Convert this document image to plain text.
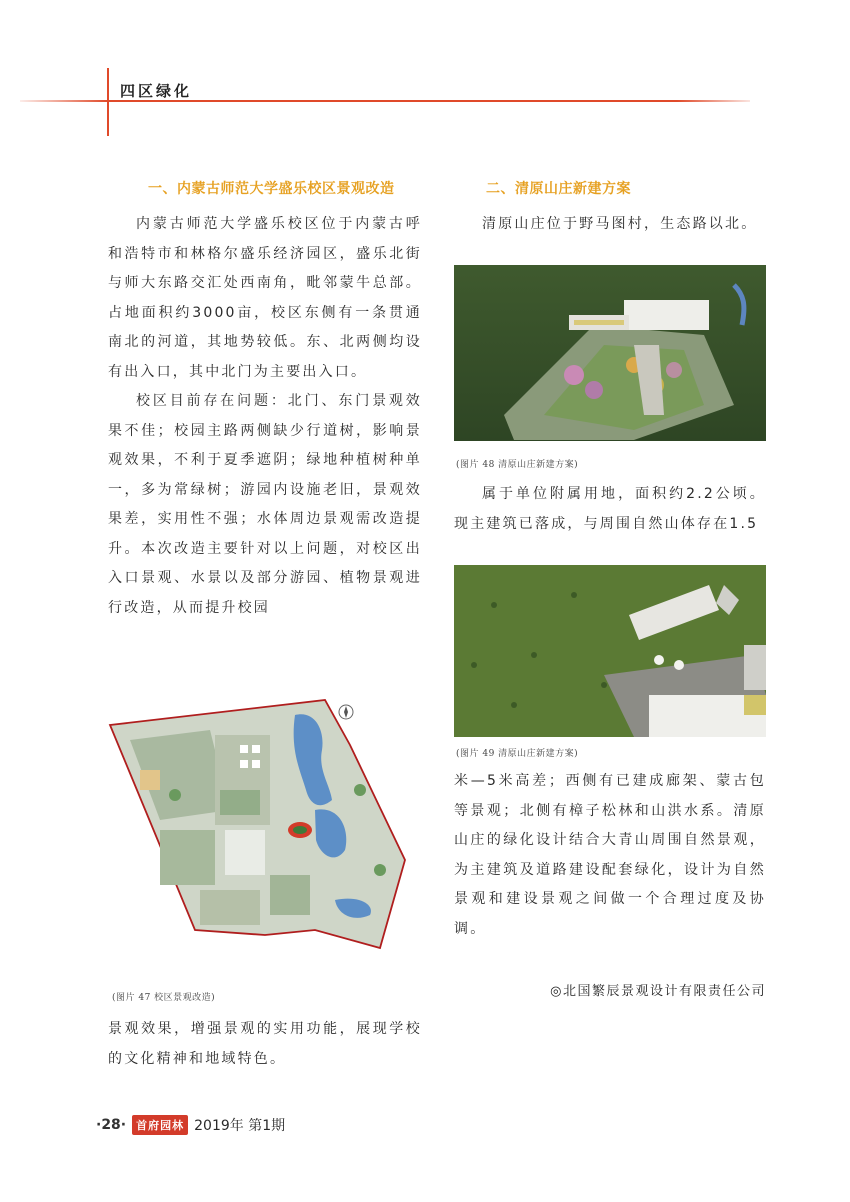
四区绿化
一、内蒙古师范大学盛乐校区景观改造

内蒙古师范大学盛乐校区位于内蒙古呼和浩特市和林格尔盛乐经济园区，盛乐北街与师大东路交汇处西南角，毗邻蒙牛总部。占地面积约3000亩，校区东侧有一条贯通南北的河道，其地势较低。东、北两侧均设有出入口，其中北门为主要出入口。

校区目前存在问题：北门、东门景观效果不佳；校园主路两侧缺少行道树，影响景观效果，不利于夏季遮阴；绿地种植树种单一，多为常绿树；游园内设施老旧，景观效果差，实用性不强；水体周边景观需改造提升。本次改造主要针对以上问题，对校区出入口景观、水景以及部分游园、植物景观进行改造，从而提升校园

(图片 47 校区景观改造)

景观效果，增强景观的实用功能，展现学校的文化精神和地域特色。

二、清原山庄新建方案

清原山庄位于野马图村，生态路以北。

(图片 48 清原山庄新建方案)

属于单位附属用地，面积约2.2公顷。现主建筑已落成，与周围自然山体存在1.5

(图片 49 清原山庄新建方案)

米—5米高差；西侧有已建成廊架、蒙古包等景观；北侧有樟子松林和山洪水系。清原山庄的绿化设计结合大青山周围自然景观，为主建筑及道路建设配套绿化，设计为自然景观和建设景观之间做一个合理过度及协调。

◎北国繁辰景观设计有限责任公司
·28· 首府园林 2019年 第1期
